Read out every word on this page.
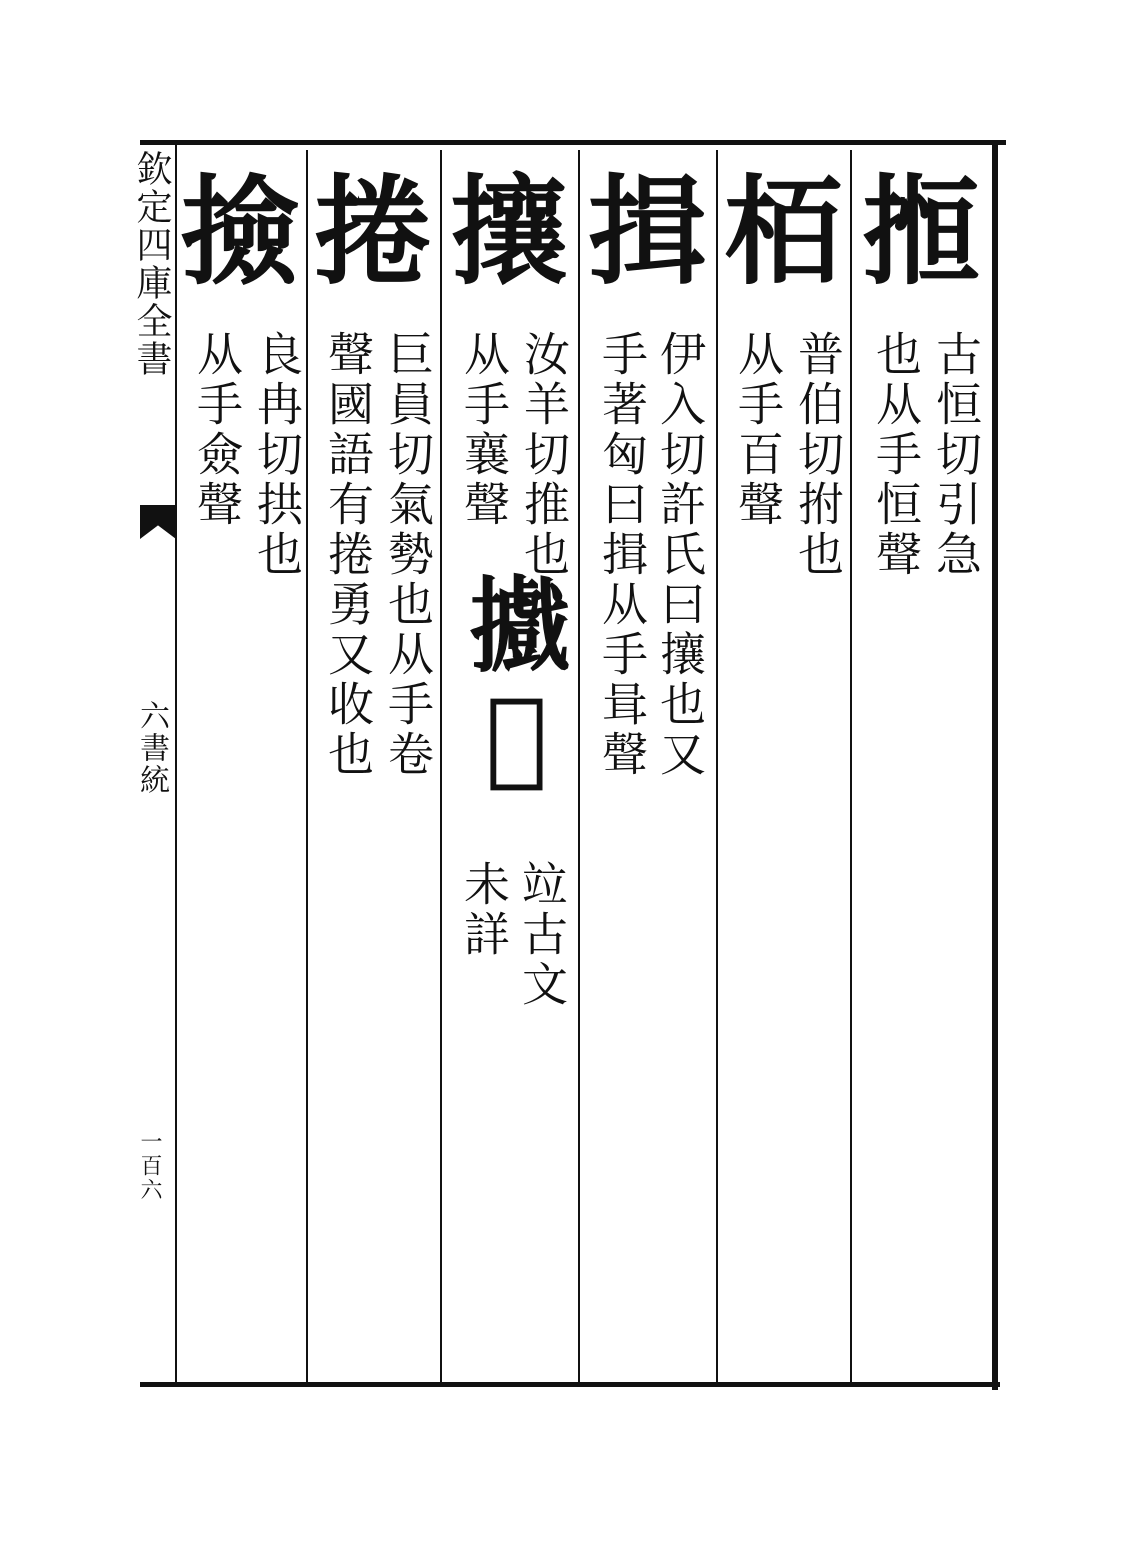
欽定四庫全書
六書統
一百六
搄
古恒切引急
也从手恒聲
栢
普伯切拊也
从手百聲
揖
伊入切許氏曰攘也又
手著匈曰揖从手咠聲
攘
汝羊切推也
从手襄聲
𢹍𢺏
竝古文
未詳
捲
巨員切氣勢也从手卷
聲國語有捲勇又收也
撿
良冉切拱也
从手僉聲
